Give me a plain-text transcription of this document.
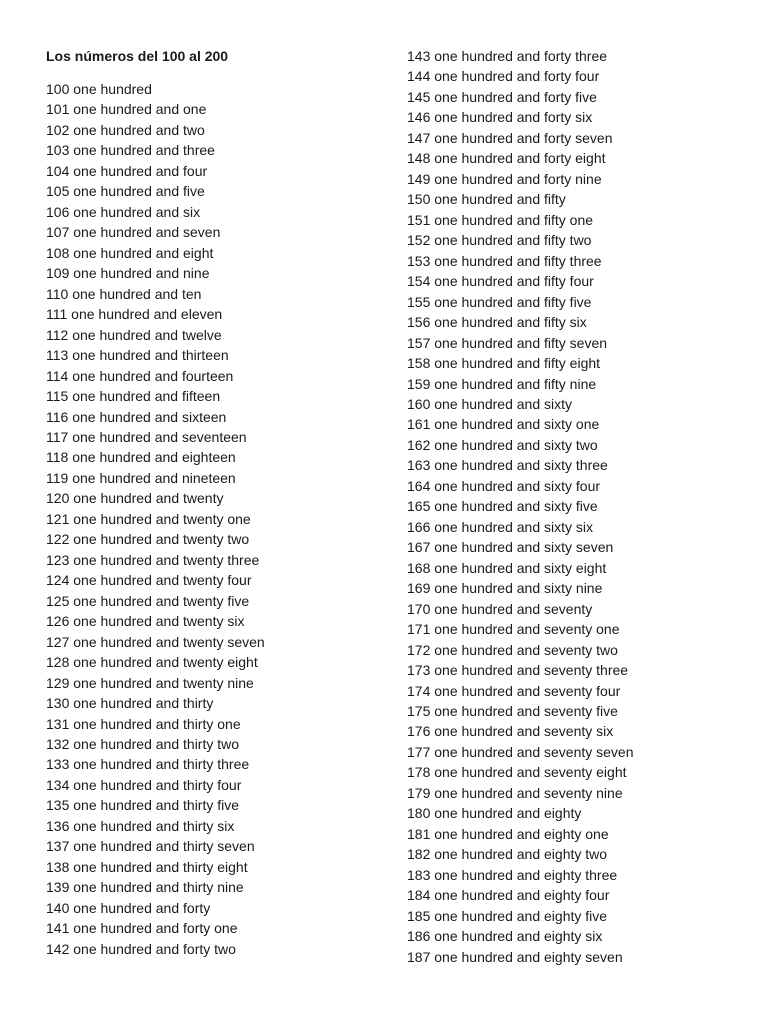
Los números del 100 al 200
100 one hundred
101 one hundred and one
102 one hundred and two
103 one hundred and three
104 one hundred and four
105 one hundred and five
106 one hundred and six
107 one hundred and seven
108 one hundred and eight
109 one hundred and nine
110 one hundred and ten
111 one hundred and eleven
112 one hundred and twelve
113 one hundred and thirteen
114 one hundred and fourteen
115 one hundred and fifteen
116 one hundred and sixteen
117 one hundred and seventeen
118 one hundred and eighteen
119 one hundred and nineteen
120 one hundred and twenty
121 one hundred and twenty one
122 one hundred and twenty two
123 one hundred and twenty three
124 one hundred and twenty four
125 one hundred and twenty five
126 one hundred and twenty six
127 one hundred and twenty seven
128 one hundred and twenty eight
129 one hundred and twenty nine
130 one hundred and thirty
131 one hundred and thirty one
132 one hundred and thirty two
133 one hundred and thirty three
134 one hundred and thirty four
135 one hundred and thirty five
136 one hundred and thirty six
137 one hundred and thirty seven
138 one hundred and thirty eight
139 one hundred and thirty nine
140 one hundred and forty
141 one hundred and forty one
142 one hundred and forty two
143 one hundred and forty three
144 one hundred and forty four
145 one hundred and forty five
146 one hundred and forty six
147 one hundred and forty seven
148 one hundred and forty eight
149 one hundred and forty nine
150 one hundred and fifty
151 one hundred and fifty one
152 one hundred and fifty two
153 one hundred and fifty three
154 one hundred and fifty four
155 one hundred and fifty five
156 one hundred and fifty six
157 one hundred and fifty seven
158 one hundred and fifty eight
159 one hundred and fifty nine
160 one hundred and sixty
161 one hundred and sixty one
162 one hundred and sixty two
163 one hundred and sixty three
164 one hundred and sixty four
165 one hundred and sixty five
166 one hundred and sixty six
167 one hundred and sixty seven
168 one hundred and sixty eight
169 one hundred and sixty nine
170 one hundred and seventy
171 one hundred and seventy one
172 one hundred and seventy two
173 one hundred and seventy three
174 one hundred and seventy four
175 one hundred and seventy five
176 one hundred and seventy six
177 one hundred and seventy seven
178 one hundred and seventy eight
179 one hundred and seventy nine
180 one hundred and eighty
181 one hundred and eighty one
182 one hundred and eighty two
183 one hundred and eighty three
184 one hundred and eighty four
185 one hundred and eighty five
186 one hundred and eighty six
187 one hundred and eighty seven
